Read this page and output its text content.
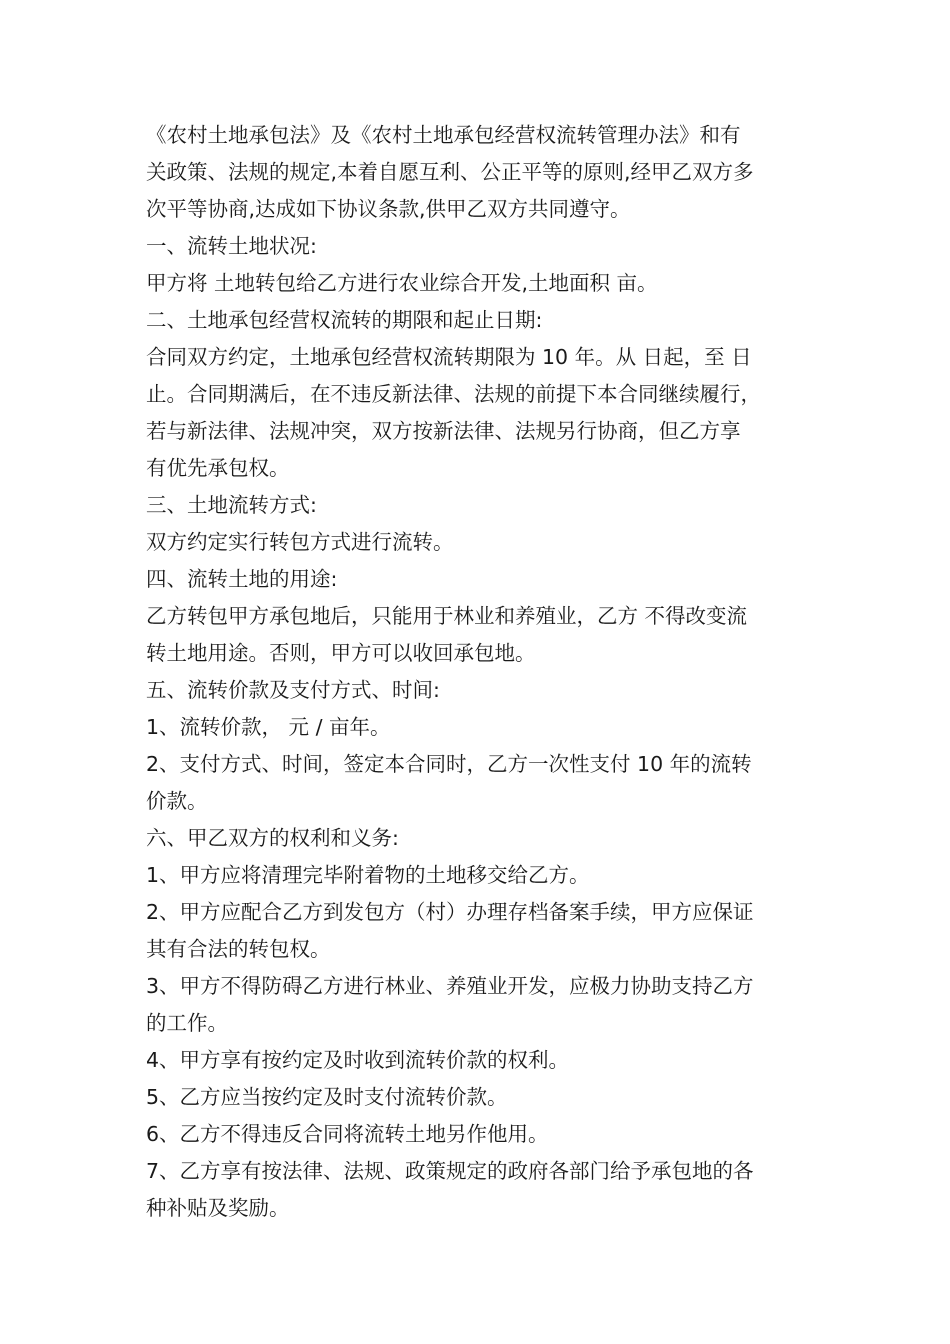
《农村土地承包法》及《农村土地承包经营权流转管理办法》和有

关政策、法规的规定,本着自愿互利、公正平等的原则,经甲乙双方多

次平等协商,达成如下协议条款,供甲乙双方共同遵守。

一、流转土地状况:

甲方将 土地转包给乙方进行农业综合开发,土地面积 亩。

二、土地承包经营权流转的期限和起止日期:

合同双方约定，土地承包经营权流转期限为 10 年。从 日起，至 日

止。合同期满后，在不违反新法律、法规的前提下本合同继续履行，

若与新法律、法规冲突，双方按新法律、法规另行协商，但乙方享

有优先承包权。

三、土地流转方式:

双方约定实行转包方式进行流转。

四、流转土地的用途:

乙方转包甲方承包地后，只能用于林业和养殖业，乙方 不得改变流

转土地用途。否则，甲方可以收回承包地。

五、流转价款及支付方式、时间:

1、流转价款， 元 / 亩年。

2、支付方式、时间，签定本合同时，乙方一次性支付 10 年的流转

价款。

六、甲乙双方的权利和义务:

1、甲方应将清理完毕附着物的土地移交给乙方。

2、甲方应配合乙方到发包方（村）办理存档备案手续，甲方应保证

其有合法的转包权。

3、甲方不得防碍乙方进行林业、养殖业开发，应极力协助支持乙方

的工作。

4、甲方享有按约定及时收到流转价款的权利。

5、乙方应当按约定及时支付流转价款。

6、乙方不得违反合同将流转土地另作他用。

7、乙方享有按法律、法规、政策规定的政府各部门给予承包地的各

种补贴及奖励。
